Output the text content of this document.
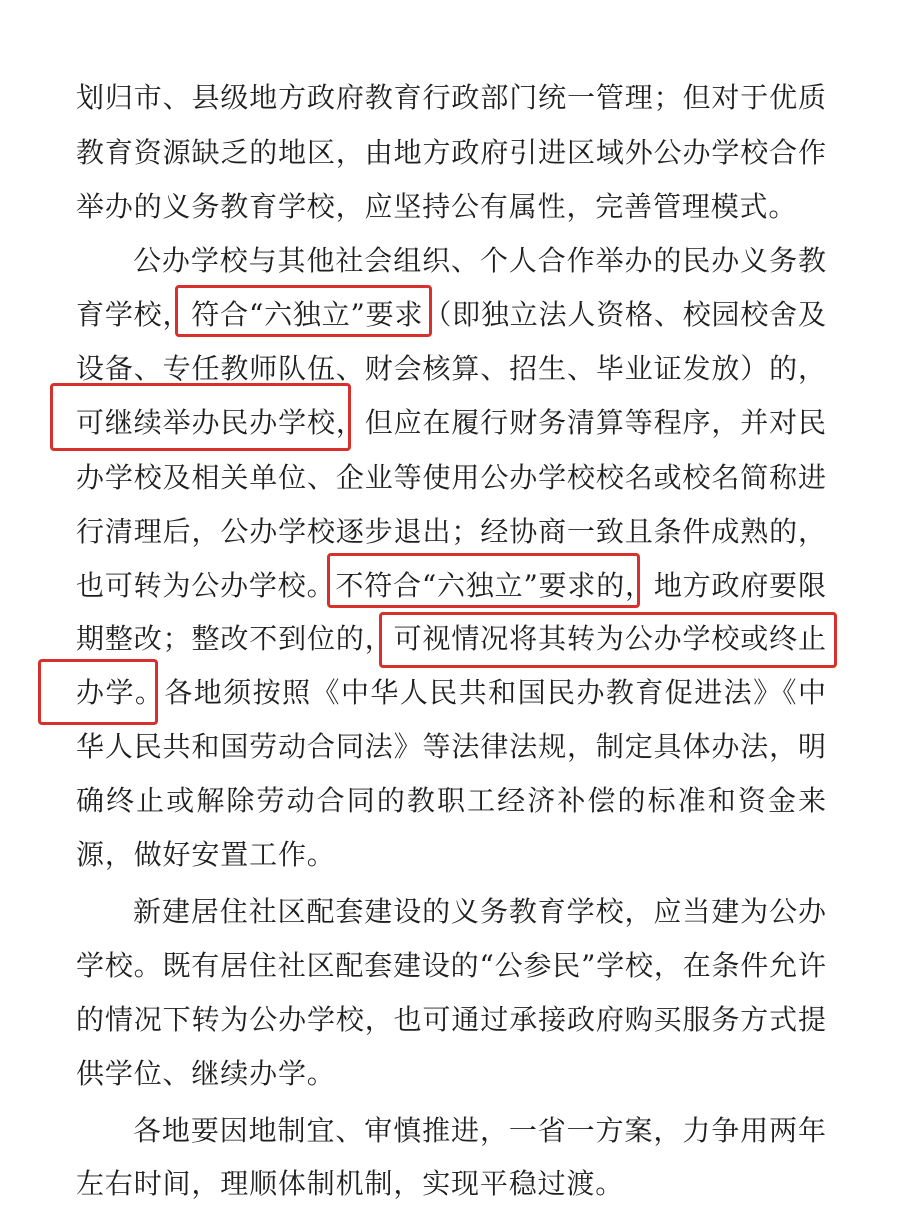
划归市、县级地方政府教育行政部门统一管理；但对于优质
教育资源缺乏的地区，由地方政府引进区域外公办学校合作
举办的义务教育学校，应坚持公有属性，完善管理模式。
公办学校与其他社会组织、个人合作举办的民办义务教
育学校，符合“六独立”要求
（即独立法人资格、校园校舍及
设备、专任教师队伍、财会核算、招生、毕业证发放）的，
可继续举办民办学校，
但应在履行财务清算等程序，并对民
办学校及相关单位、企业等使用公办学校校名或校名简称进
行清理后，公办学校逐步退出；经协商一致且条件成熟的，
也可转为公办学校。不符合“六独立”要求的，
地方政府要限
期整改；整改不到位的，可视情况将其转为公办学校或终止
办学。
各地须按照《中华人民共和国民办教育促进法》《中
华人民共和国劳动合同法》等法律法规，制定具体办法，明
确终止或解除劳动合同的教职工经济补偿的标准和资金来
源，做好安置工作。
新建居住社区配套建设的义务教育学校，应当建为公办
学校。既有居住社区配套建设的“公参民”学校，在条件允许
的情况下转为公办学校，也可通过承接政府购买服务方式提
供学位、继续办学。
各地要因地制宜、审慎推进，一省一方案，力争用两年
左右时间，理顺体制机制，实现平稳过渡。
